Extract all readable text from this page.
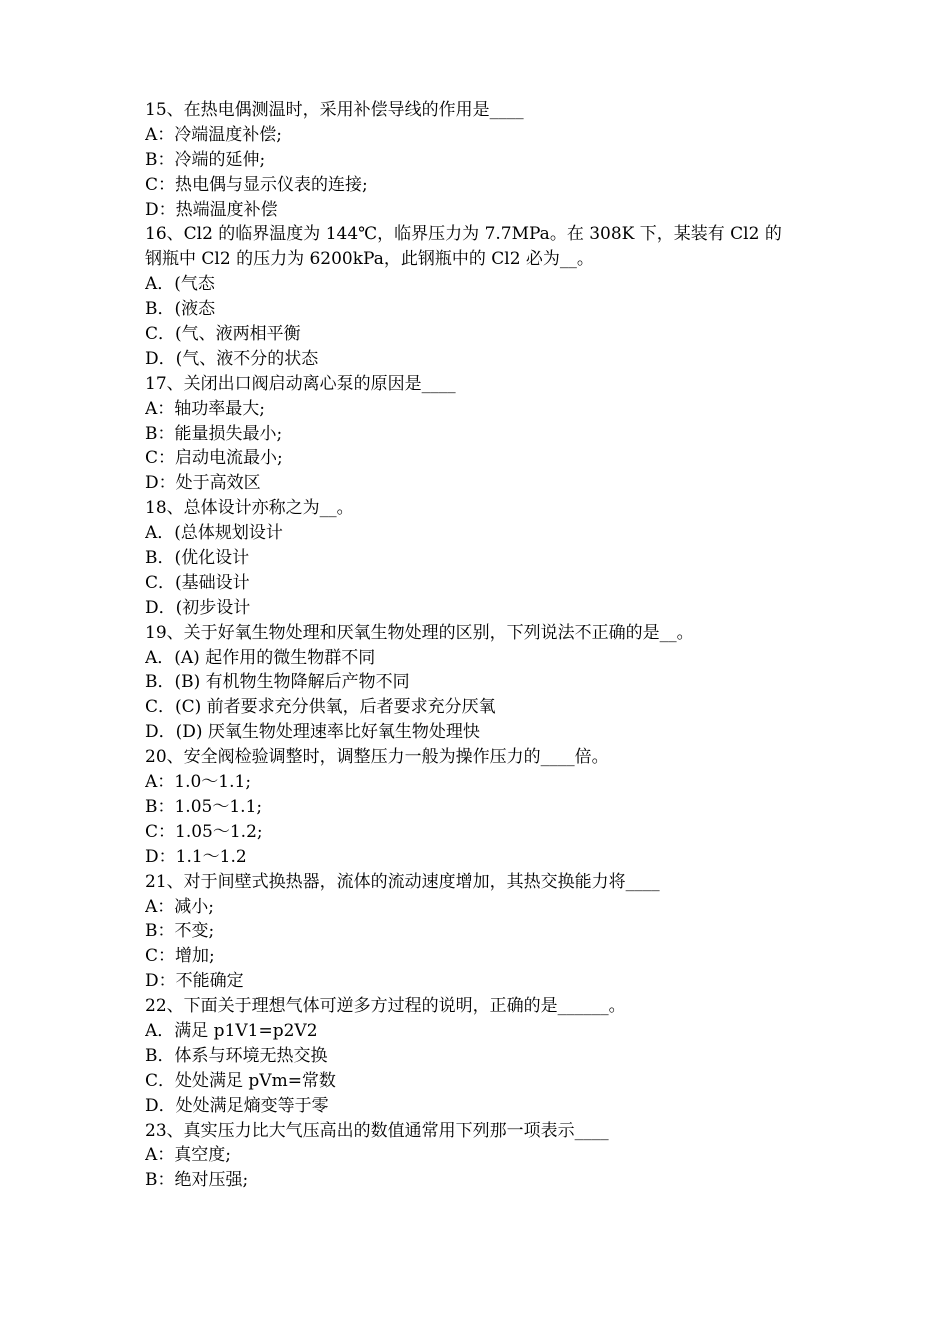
15、在热电偶测温时，采用补偿导线的作用是____
A：冷端温度补偿;
B：冷端的延伸;
C：热电偶与显示仪表的连接;
D：热端温度补偿
16、Cl2 的临界温度为 144℃，临界压力为 7.7MPa。在 308K 下，某装有 Cl2 的
钢瓶中 Cl2 的压力为 6200kPa，此钢瓶中的 Cl2 必为__。
A．(气态
B．(液态
C．(气、液两相平衡
D．(气、液不分的状态
17、关闭出口阀启动离心泵的原因是____
A：轴功率最大;
B：能量损失最小;
C：启动电流最小;
D：处于高效区
18、总体设计亦称之为__。
A．(总体规划设计
B．(优化设计
C．(基础设计
D．(初步设计
19、关于好氧生物处理和厌氧生物处理的区别，下列说法不正确的是__。
A．(A) 起作用的微生物群不同
B．(B) 有机物生物降解后产物不同
C．(C) 前者要求充分供氧，后者要求充分厌氧
D．(D) 厌氧生物处理速率比好氧生物处理快
20、安全阀检验调整时，调整压力一般为操作压力的____倍。
A：1.0～1.1;
B：1.05～1.1;
C：1.05～1.2;
D：1.1～1.2
21、对于间壁式换热器，流体的流动速度增加，其热交换能力将____
A：减小;
B：不变;
C：增加;
D：不能确定
22、下面关于理想气体可逆多方过程的说明，正确的是______。
A．满足 p1V1=p2V2
B．体系与环境无热交换
C．处处满足 pVm=常数
D．处处满足熵变等于零
23、真实压力比大气压高出的数值通常用下列那一项表示____
A：真空度;
B：绝对压强;
